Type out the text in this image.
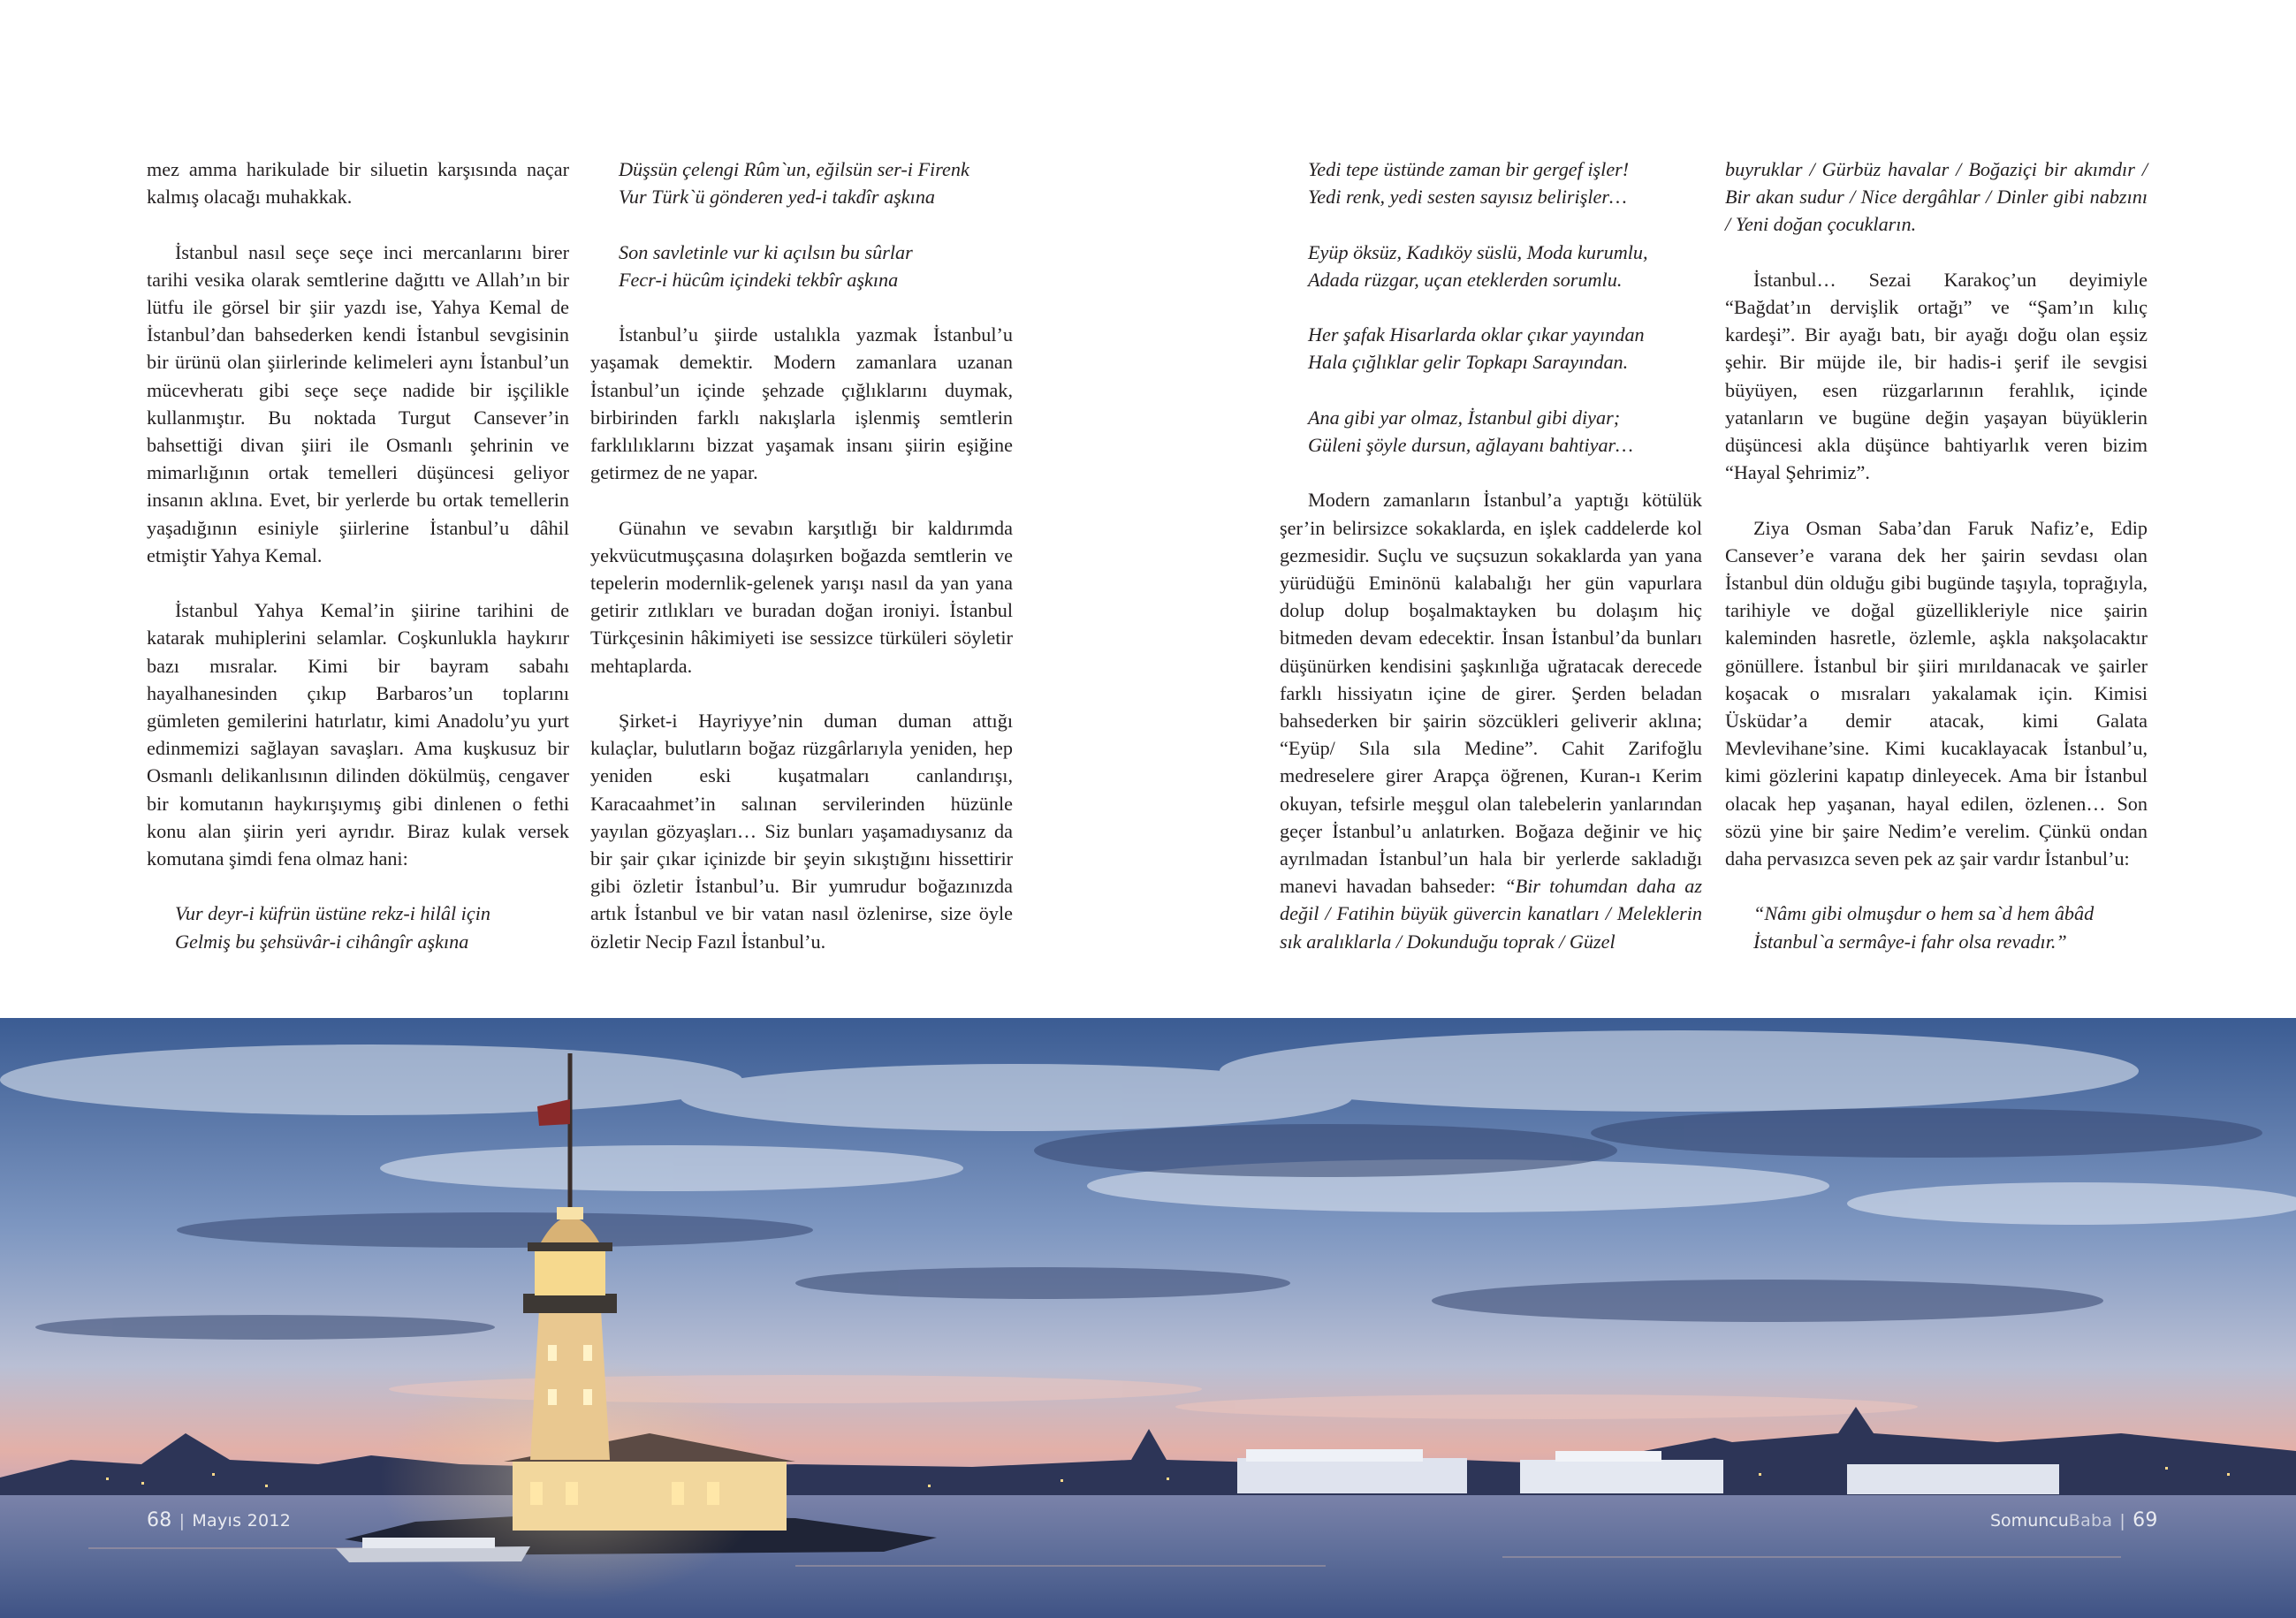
mez amma harikulade bir siluetin karşısında naçar kalmış olacağı muhakkak.

İstanbul nasıl seçe seçe inci mercanlarını birer tarihi vesika olarak semtlerine dağıttı ve Allah’ın bir lütfu ile görsel bir şiir yazdı ise, Yahya Kemal de İstanbul’dan bahsederken kendi İstanbul sevgisinin bir ürünü olan şiirlerinde kelimeleri aynı İstanbul’un mücevheratı gibi seçe seçe nadide bir işçilikle kullanmıştır. Bu noktada Turgut Cansever’in bahsettiği divan şiiri ile Osmanlı şehrinin ve mimarlığının ortak temelleri düşüncesi geliyor insanın aklına. Evet, bir yerlerde bu ortak temellerin yaşadığının esiniyle şiirlerine İstanbul’u dâhil etmiştir Yahya Kemal.

İstanbul Yahya Kemal’in şiirine tarihini de katarak muhiplerini selamlar. Coşkunlukla haykırır bazı mısralar. Kimi bir bayram sabahı hayalhanesinden çıkıp Barbaros’un toplarını gümleten gemilerini hatırlatır, kimi Anadolu’yu yurt edinmemizi sağlayan savaşları. Ama kuşkusuz bir Osmanlı delikanlısının dilinden dökülmüş, cengaver bir komutanın haykırışıymış gibi dinlenen o fethi konu alan şiirin yeri ayrıdır. Biraz kulak versek komutana şimdi fena olmaz hani:

Vur deyr-i küfrün üstüne rekz-i hilâl için
Gelmiş bu şehsüvâr-i cihângîr aşkına
Düşsün çelengi Rûm`un, eğilsün ser-i Firenk
Vur Türk`ü gönderen yed-i takdîr aşkına
Son savletinle vur ki açılsın bu sûrlar
Fecr-i hücûm içindeki tekbîr aşkına

İstanbul’u şiirde ustalıkla yazmak İstanbul’u yaşamak demektir. Modern zamanlara uzanan İstanbul’un içinde şehzade çığlıklarını duymak, birbirinden farklı nakışlarla işlenmiş semtlerin farklılıklarını bizzat yaşamak insanı şiirin eşiğine getirmez de ne yapar.

Günahın ve sevabın karşıtlığı bir kaldırımda yekvücutmuşçasına dolaşırken boğazda semtlerin ve tepelerin modernlik-gelenek yarışı nasıl da yan yana getirir zıtlıkları ve buradan doğan ironiyi. İstanbul Türkçesinin hâkimiyeti ise sessizce türküleri söyletir mehtaplarda.

Şirket-i Hayriyye’nin duman duman attığı kulaçlar, bulutların boğaz rüzgârlarıyla yeniden, hep yeniden eski kuşatmaları canlandırışı, Karacaahmet’in salınan servilerinden hüzünle yayılan gözyaşları… Siz bunları yaşamadıysanız da bir şair çıkar içinizde bir şeyin sıkıştığını hissettirir gibi özletir İstanbul’u. Bir yumrudur boğazınızda artık İstanbul ve bir vatan nasıl özlenirse, size öyle özletir Necip Fazıl İstanbul’u.

Yedi tepe üstünde zaman bir gergef işler!
Yedi renk, yedi sesten sayısız belirişler…
Eyüp öksüz, Kadıköy süslü, Moda kurumlu,
Adada rüzgar, uçan eteklerden sorumlu.
Her şafak Hisarlarda oklar çıkar yayından
Hala çığlıklar gelir Topkapı Sarayından.
Ana gibi yar olmaz, İstanbul gibi diyar;
Güleni şöyle dursun, ağlayanı bahtiyar…

Modern zamanların İstanbul’a yaptığı kötülük şer’in belirsizce sokaklarda, en işlek caddelerde kol gezmesidir. Suçlu ve suçsuzun sokaklarda yan yana yürüdüğü Eminönü kalabalığı her gün vapurlara dolup dolup boşalmaktayken bu dolaşım hiç bitmeden devam edecektir. İnsan İstanbul’da bunları düşünürken kendisini şaşkınlığa uğratacak derecede farklı hissiyatın içine de girer. Şerden beladan bahsederken bir şairin sözcükleri geliverir aklına; “Eyüp/ Sıla sıla Medine”. Cahit Zarifoğlu medreselere girer Arapça öğrenen, Kuran-ı Kerim okuyan, tefsirle meşgul olan talebelerin yanlarından geçer İstanbul’u anlatırken. Boğaza değinir ve hiç ayrılmadan İstanbul’un hala bir yerlerde sakladığı manevi havadan bahseder: “Bir tohumdan daha az değil / Fatihin büyük güvercin kanatları / Meleklerin sık aralıklarla / Dokunduğu toprak / Güzel

buyruklar / Gürbüz havalar / Boğaziçi bir akımdır / Bir akan sudur / Nice dergâhlar / Dinler gibi nabzını / Yeni doğan çocukların.

İstanbul… Sezai Karakoç’un deyimiyle “Bağdat’ın dervişlik ortağı” ve “Şam’ın kılıç kardeşi”. Bir ayağı batı, bir ayağı doğu olan eşsiz şehir. Bir müjde ile, bir hadis-i şerif ile sevgisi büyüyen, esen rüzgarlarının ferahlık, içinde yatanların ve bugüne değin yaşayan büyüklerin düşüncesi akla düşünce bahtiyarlık veren bizim “Hayal Şehrimiz”.

Ziya Osman Saba’dan Faruk Nafiz’e, Edip Cansever’e varana dek her şairin sevdası olan İstanbul dün olduğu gibi bugünde taşıyla, toprağıyla, tarihiyle ve doğal güzellikleriyle nice şairin kaleminden hasretle, özlemle, aşkla nakşolacaktır gönüllere. İstanbul bir şiiri mırıldanacak ve şairler koşacak o mısraları yakalamak için. Kimisi Üsküdar’a demir atacak, kimi Galata Mevlevihane’sine. Kimi kucaklayacak İstanbul’u, kimi gözlerini kapatıp dinleyecek. Ama bir İstanbul olacak hep yaşanan, hayal edilen, özlenen… Son sözü yine bir şaire Nedim’e verelim. Çünkü ondan daha pervasızca seven pek az şair vardır İstanbul’u:

“Nâmı gibi olmuşdur o hem sa`d hem âbâd
İstanbul`a sermâye-i fahr olsa revadır.”
68 | Mayıs 2012	SomuncuBaba | 69
